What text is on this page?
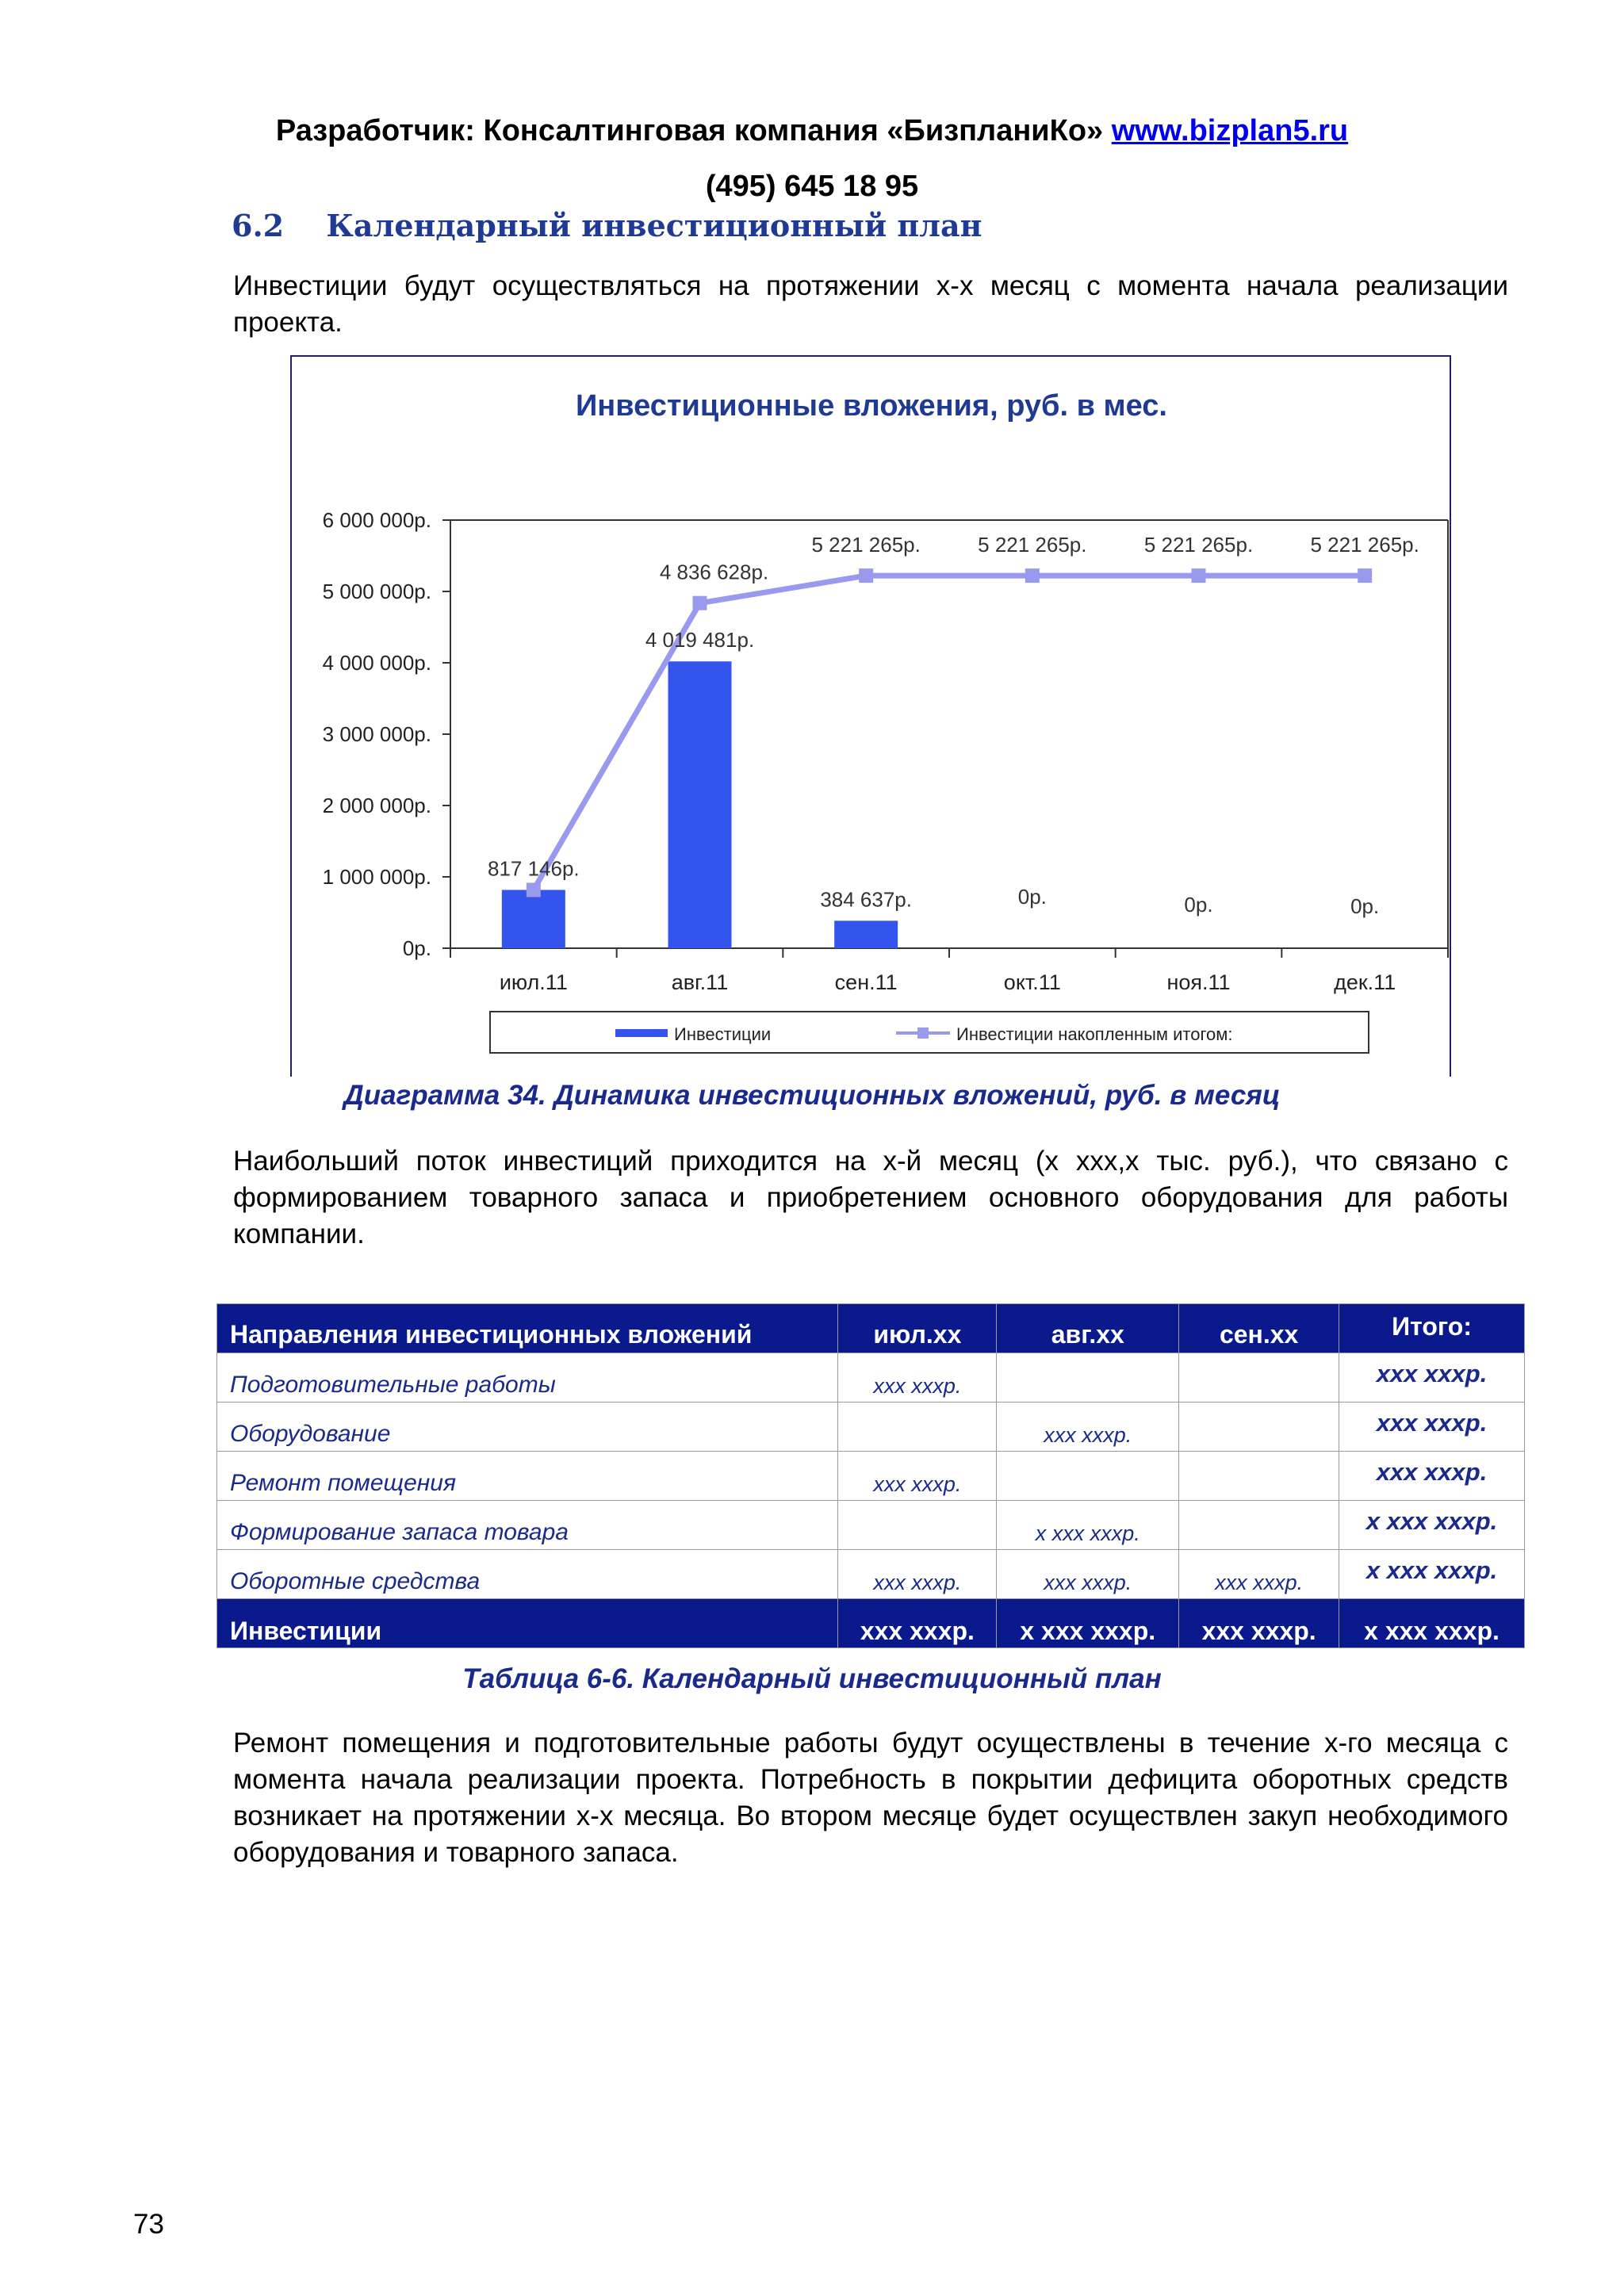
Разработчик: Консалтинговая компания «БизпланиКо» www.bizplan5.ru
(495) 645 18 95
6.2 Календарный инвестиционный план
Инвестиции будут осуществляться на протяжении х-х месяц с момента начала реализации проекта.
Инвестиционные вложения, руб. в мес.
0р.
1 000 000р.
2 000 000р.
3 000 000р.
4 000 000р.
5 000 000р.
6 000 000р.
июл.11	авг.11	сен.11	окт.11	ноя.11	дек.11
817 146р.
4 019 481р.
384 637р.	0р.	0р.	0р.
4 836 628р.
5 221 265р.	5 221 265р.	5 221 265р.	5 221 265р.
Инвестиции	Инвестиции накопленным итогом:
Диаграмма 34. Динамика инвестиционных вложений, руб. в месяц
Наибольший поток инвестиций приходится на х-й месяц (х ххх,х тыс. руб.), что связано с формированием товарного запаса и приобретением основного оборудования для работы компании.
Направления инвестиционных вложений	июл.хх	авг.хх	сен.хх	Итого:
Подготовительные работы	ххх хххр.			ххх хххр.
Оборудование		ххх хххр.		ххх хххр.
Ремонт помещения	ххх хххр.			ххх хххр.
Формирование запаса товара		х ххх хххр.		х ххх хххр.
Оборотные средства	ххх хххр.	ххх хххр.	ххх хххр.	х ххх хххр.
Инвестиции	ххх хххр.	х ххх хххр.	ххх хххр.	х ххх хххр.
Таблица 6-6. Календарный инвестиционный план
Ремонт помещения и подготовительные работы будут осуществлены в течение х-го месяца с момента начала реализации проекта. Потребность в покрытии дефицита оборотных средств возникает на протяжении х-х месяца. Во втором месяце будет осуществлен закуп необходимого оборудования и товарного запаса.
73
